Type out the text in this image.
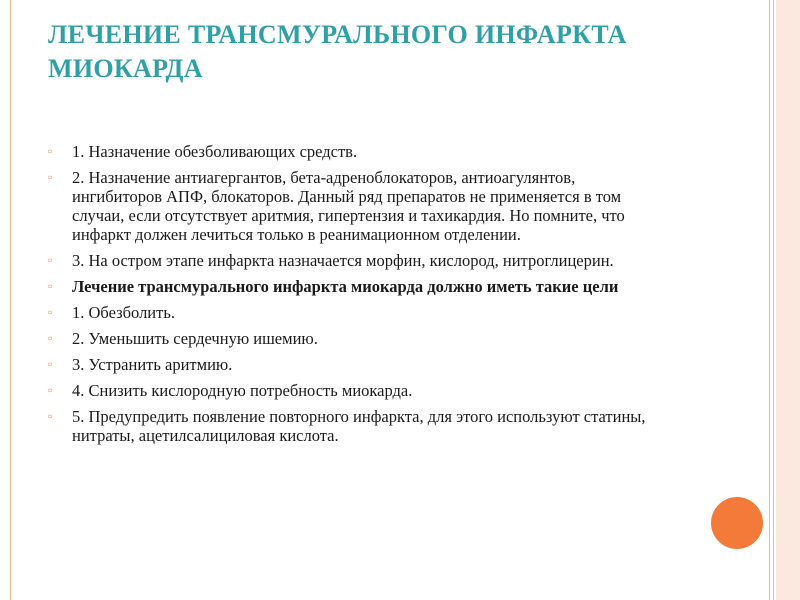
ЛЕЧЕНИЕ ТРАНСМУРАЛЬНОГО ИНФАРКТА МИОКАРДА
▫ 1. Назначение обезболивающих средств.
▫ 2. Назначение антиагергантов, бета-адреноблокаторов, антиоагулянтов, ингибиторов АПФ, блокаторов. Данный ряд препаратов не применяется в том случаи, если отсутствует аритмия, гипертензия и тахикардия. Но помните, что инфаркт должен лечиться только в реанимационном отделении.
▫ 3. На остром этапе инфаркта назначается морфин, кислород, нитроглицерин.
▫ Лечение трансмурального инфаркта миокарда должно иметь такие цели
▫ 1. Обезболить.
▫ 2. Уменьшить сердечную ишемию.
▫ 3. Устранить аритмию.
▫ 4. Снизить кислородную потребность миокарда.
▫ 5. Предупредить появление повторного инфаркта, для этого используют статины, нитраты, ацетилсалициловая кислота.
